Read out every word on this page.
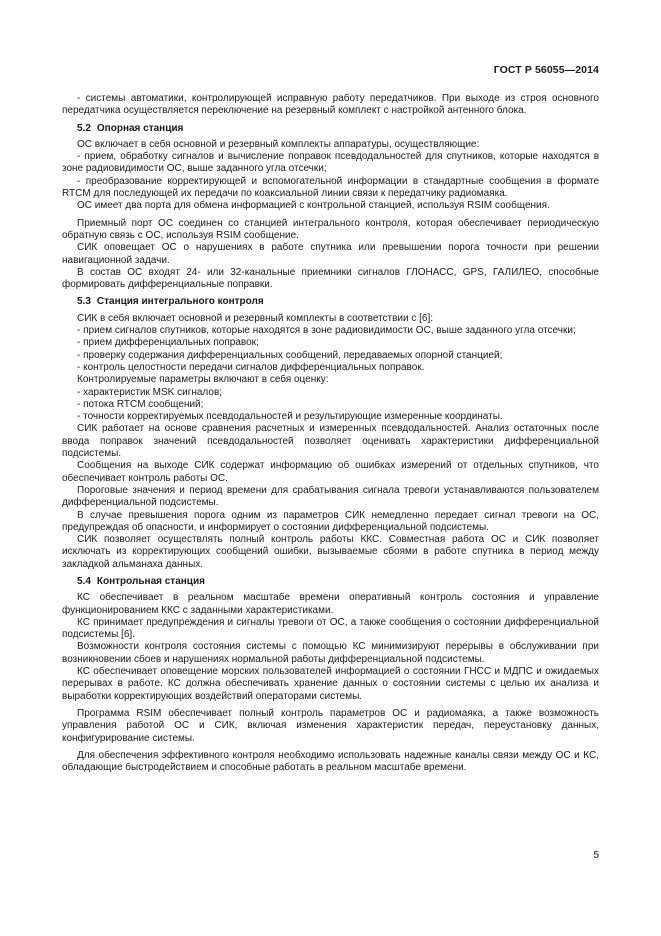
ГОСТ Р 56055—2014

- системы автоматики, контролирующей исправную работу передатчиков. При выходе из строя основного передатчика осуществляется переключение на резервный комплект с настройкой антенного блока.

5.2 Опорная станция

ОС включает в себя основной и резервный комплекты аппаратуры, осуществляющие:

- прием, обработку сигналов и вычисление поправок псевдодальностей для спутников, которые находятся в зоне радиовидимости ОС, выше заданного угла отсечки;

- преобразование корректирующей и вспомогательной информации в стандартные сообщения в формате RTCM для последующей их передачи по коаксиальной линии связи к передатчику радиомаяка.

ОС имеет два порта для обмена информацией с контрольной станцией, используя RSIM сообщения.

Приемный порт ОС соединен со станцией интегрального контроля, которая обеспечивает периодическую обратную связь с ОС, используя RSIM сообщение.

СИК оповещает ОС о нарушениях в работе спутника или превышении порога точности при решении навигационной задачи.

В состав ОС входят 24- или 32-канальные приемники сигналов ГЛОНАСС, GPS, ГАЛИЛЕО, способные формировать дифференциальные поправки.

5.3 Станция интегрального контроля

СИК в себя включает основной и резервный комплекты в соответствии с [6]:

- прием сигналов спутников, которые находятся в зоне радиовидимости ОС, выше заданного угла отсечки;

- прием дифференциальных поправок;

- проверку содержания дифференциальных сообщений, передаваемых опорной станцией;

- контроль целостности передачи сигналов дифференциальных поправок.

Контролируемые параметры включают в себя оценку:

- характеристик MSK сигналов;

- потока RTCM сообщений;

- точности корректируемых псевдодальностей и результирующие измеренные координаты.

СИК работает на основе сравнения расчетных и измеренных псевдодальностей. Анализ остаточных после ввода поправок значений псевдодальностей позволяет оценивать характеристики дифференциальной подсистемы.

Сообщения на выходе СИК содержат информацию об ошибках измерений от отдельных спутников, что обеспечивает контроль работы ОС.

Пороговые значения и период времени для срабатывания сигнала тревоги устанавливаются пользователем дифференциальной подсистемы.

В случае превышения порога одним из параметров СИК немедленно передает сигнал тревоги на ОС, предупреждая об опасности, и информирует о состоянии дифференциальной подсистемы.

СИК позволяет осуществлять полный контроль работы ККС. Совместная работа ОС и СИК позволяет исключать из корректирующих сообщений ошибки, вызываемые сбоями в работе спутника в период между закладкой альманаха данных.

5.4 Контрольная станция

КС обеспечивает в реальном масштабе времени оперативный контроль состояния и управление функционированием ККС с заданными характеристиками.

КС принимает предупреждения и сигналы тревоги от ОС, а также сообщения о состоянии дифференциальной подсистемы [6].

Возможности контроля состояния системы с помощью КС минимизируют перерывы в обслуживании при возникновении сбоев и нарушениях нормальной работы дифференциальной подсистемы.

КС обеспечивает оповещение морских пользователей информацией о состоянии ГНСС и МДПС и ожидаемых перерывах в работе. КС должна обеспечивать хранение данных о состоянии системы с целью их анализа и выработки корректирующих воздействий операторами системы.

Программа RSIM обеспечивает полный контроль параметров ОС и радиомаяка, а также возможность управления работой ОС и СИК, включая изменения характеристик передач, переустановку данных, конфигурирование системы.

Для обеспечения эффективного контроля необходимо использовать надежные каналы связи между ОС и КС, обладающие быстродействием и способные работать в реальном масштабе времени.

5
